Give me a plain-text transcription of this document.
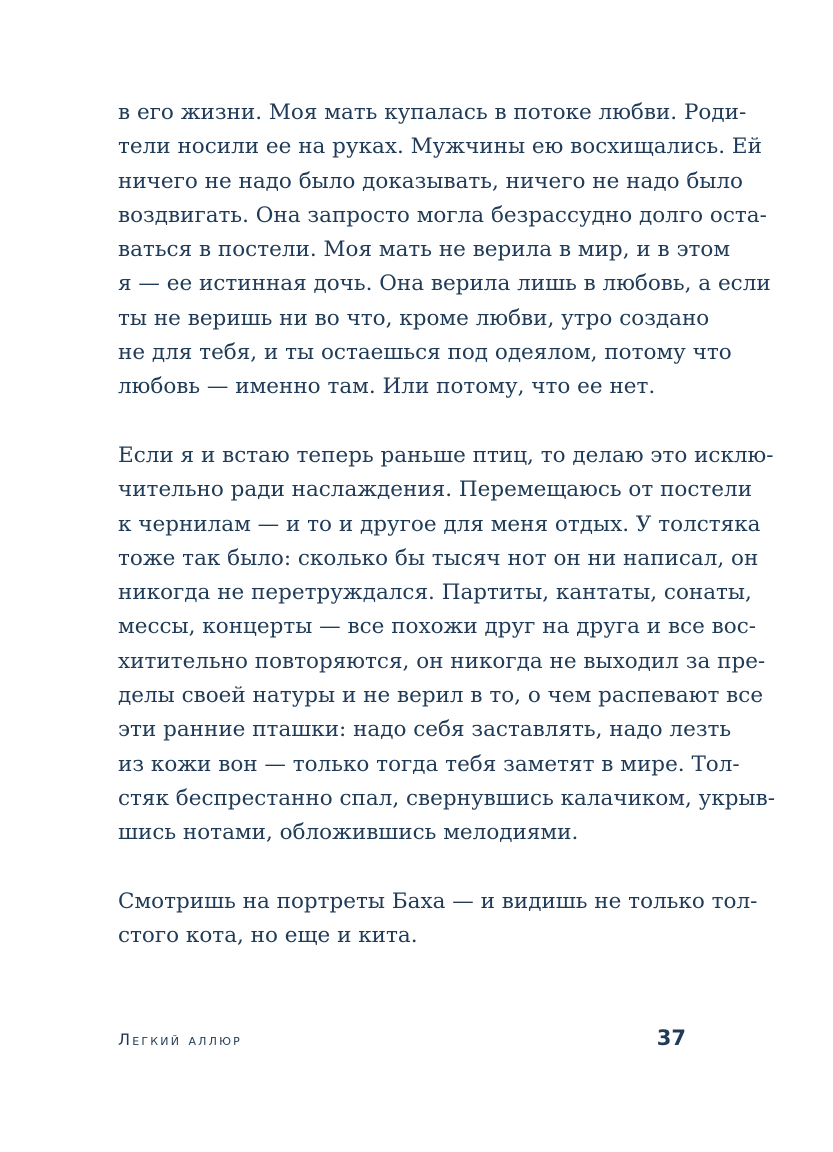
в его жизни. Моя мать купалась в потоке любви. Роди-
тели носили ее на руках. Мужчины ею восхищались. Ей
ничего не надо было доказывать, ничего не надо было
воздвигать. Она запросто могла безрассудно долго оста-
ваться в постели. Моя мать не верила в мир, и в этом
я — ее истинная дочь. Она верила лишь в любовь, а если
ты не веришь ни во что, кроме любви, утро создано
не для тебя, и ты остаешься под одеялом, потому что
любовь — именно там. Или потому, что ее нет.

Если я и встаю теперь раньше птиц, то делаю это исклю-
чительно ради наслаждения. Перемещаюсь от постели
к чернилам — и то и другое для меня отдых. У толстяка
тоже так было: сколько бы тысяч нот он ни написал, он
никогда не перетруждался. Партиты, кантаты, сонаты,
мессы, концерты — все похожи друг на друга и все вос-
хитительно повторяются, он никогда не выходил за пре-
делы своей натуры и не верил в то, о чем распевают все
эти ранние пташки: надо себя заставлять, надо лезть
из кожи вон — только тогда тебя заметят в мире. Тол-
стяк беспрестанно спал, свернувшись калачиком, укрыв-
шись нотами, обложившись мелодиями.

Смотришь на портреты Баха — и видишь не только тол-
стого кота, но еще и кита.

Легкий аллюр	37
